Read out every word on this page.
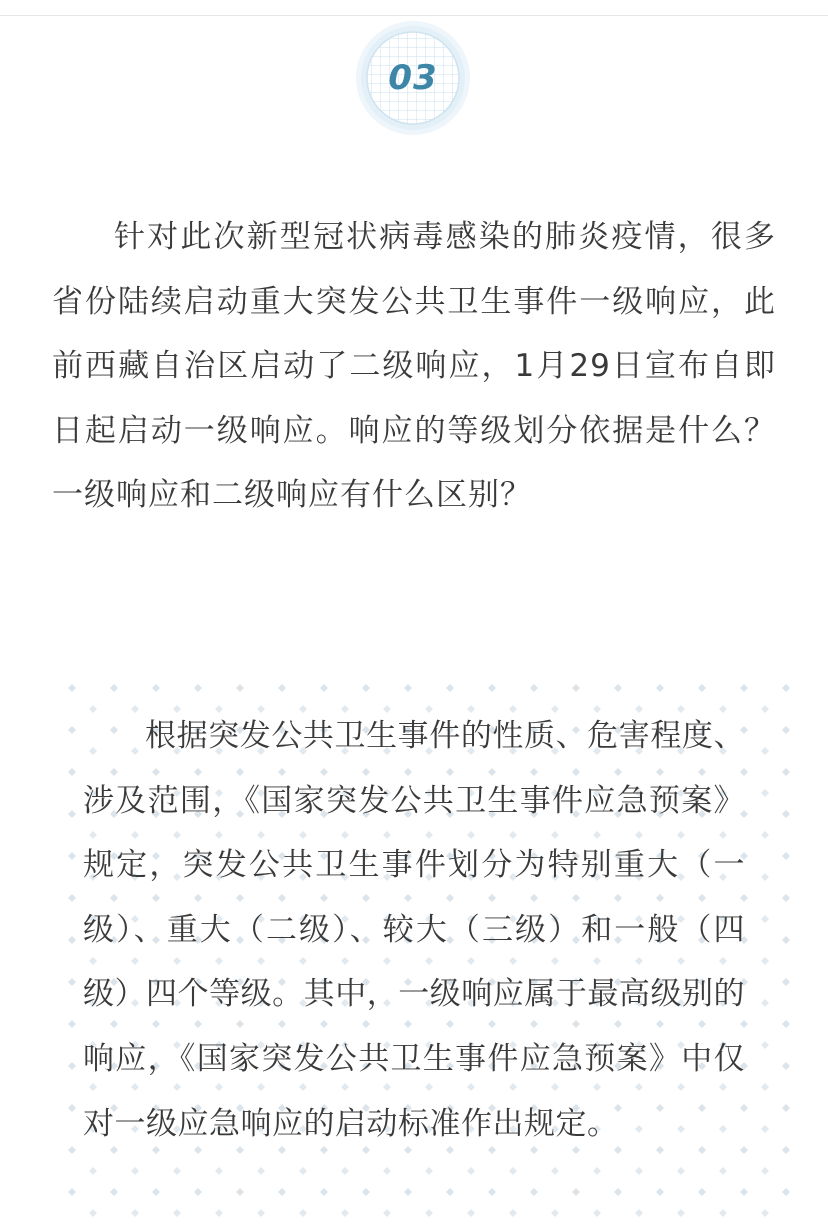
03

针对此次新型冠状病毒感染的肺炎疫情，很多省份陆续启动重大突发公共卫生事件一级响应，此前西藏自治区启动了二级响应，1月29日宣布自即日起启动一级响应。响应的等级划分依据是什么？一级响应和二级响应有什么区别？

根据突发公共卫生事件的性质、危害程度、涉及范围，《国家突发公共卫生事件应急预案》规定，突发公共卫生事件划分为特别重大（一级）、重大（二级）、较大（三级）和一般（四级）四个等级。其中，一级响应属于最高级别的响应，《国家突发公共卫生事件应急预案》中仅对一级应急响应的启动标准作出规定。
